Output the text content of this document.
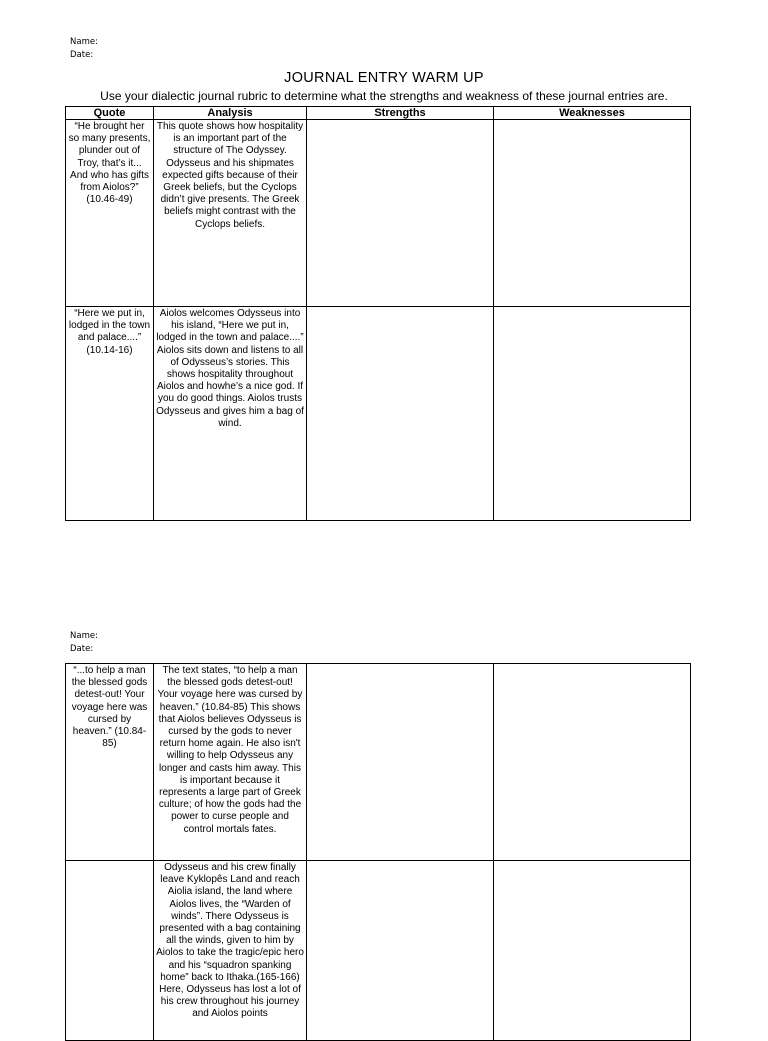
Name:
Date:
JOURNAL ENTRY WARM UP
Use your dialectic journal rubric to determine what the strengths and weakness of these journal entries are.
Quote	Analysis	Strengths	Weaknesses
“He brought her so many presents, plunder out of Troy, that’s it... And who has gifts from Aiolos?” (10.46-49)	This quote shows how hospitality is an important part of the structure of The Odyssey. Odysseus and his shipmates expected gifts because of their Greek beliefs, but the Cyclops didn’t give presents. The Greek beliefs might contrast with the Cyclops beliefs.		
“Here we put in, lodged in the town and palace....” (10.14-16)	Aiolos welcomes Odysseus into his island, “Here we put in, lodged in the town and palace....” Aiolos sits down and listens to all of Odysseus’s stories. This shows hospitality throughout Aiolos and howhe’s a nice god. If you do good things. Aiolos trusts Odysseus and gives him a bag of wind.		
Name:
Date:
“...to help a man the blessed gods detest-out! Your voyage here was cursed by heaven.” (10.84-85)	The text states, “to help a man the blessed gods detest-out! Your voyage here was cursed by heaven.” (10.84-85) This shows that Aiolos believes Odysseus is cursed by the gods to never return home again. He also isn't willing to help Odysseus any longer and casts him away. This is important because it represents a large part of Greek culture; of how the gods had the power to curse people and control mortals fates.		
	Odysseus and his crew finally leave Kyklopês Land and reach Aiolia island, the land where Aiolos lives, the “Warden of winds”. There Odysseus is presented with a bag containing all the winds, given to him by Aiolos to take the tragic/epic hero and his “squadron spanking home” back to Ithaka.(165-166) Here, Odysseus has lost a lot of his crew throughout his journey and Aiolos points		
